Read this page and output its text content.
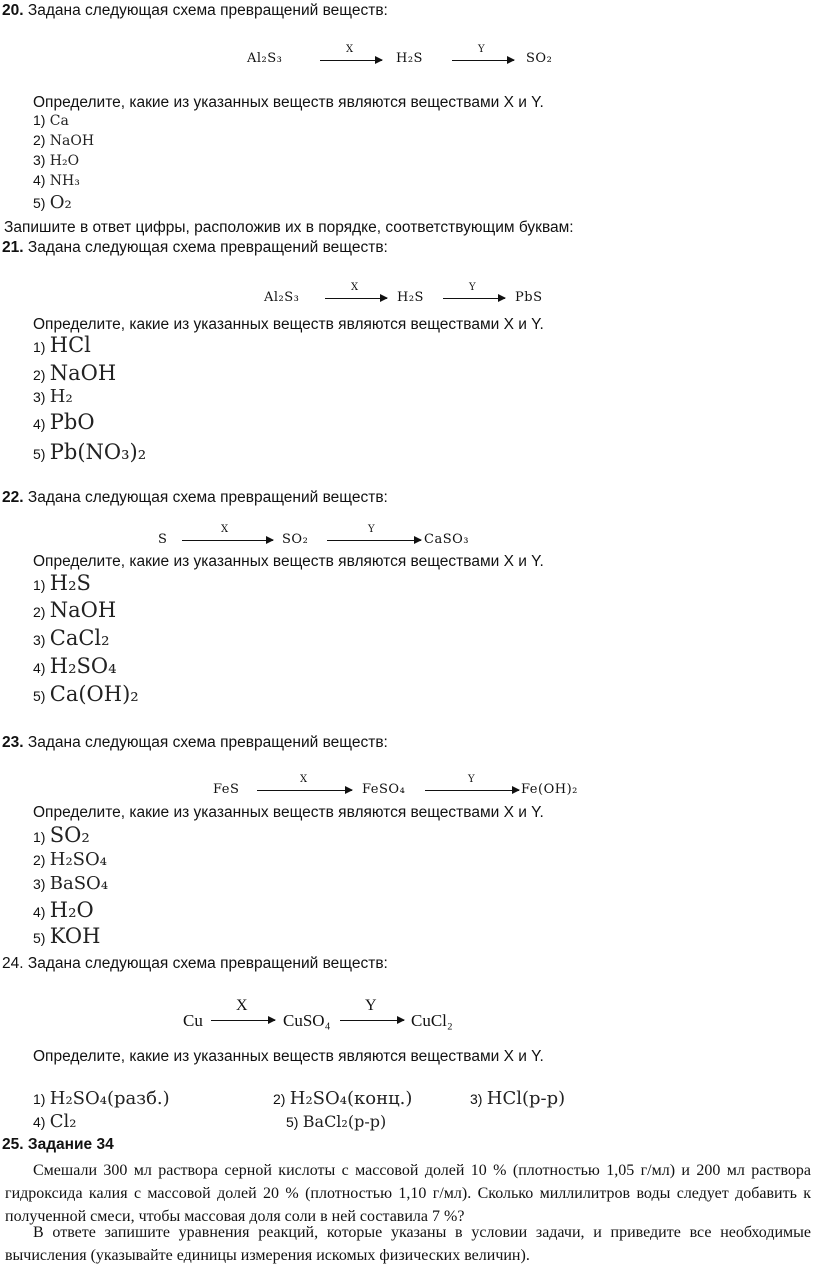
20. Задана следующая схема превращений веществ:
Al₂S₃
X
H₂S
Y
SO₂
Определите, какие из указанных веществ являются веществами X и Y.
1) Ca
2) NaOH
3) H₂O
4) NH₃
5) O₂
Запишите в ответ цифры, расположив их в порядке, соответствующим буквам:
21. Задана следующая схема превращений веществ:
Al₂S₃
X
H₂S
Y
PbS
Определите, какие из указанных веществ являются веществами X и Y.
1) HCl
2) NaOH
3) H₂
4) PbO
5) Pb(NO₃)₂
22. Задана следующая схема превращений веществ:
S
X
SO₂
Y
CaSO₃
Определите, какие из указанных веществ являются веществами X и Y.
1) H₂S
2) NaOH
3) CaCl₂
4) H₂SO₄
5) Ca(OH)₂
23. Задана следующая схема превращений веществ:
FeS
X
FeSO₄
Y
Fe(OH)₂
Определите, какие из указанных веществ являются веществами X и Y.
1) SO₂
2) H₂SO₄
3) BaSO₄
4) H₂O
5) KOH
24. Задана следующая схема превращений веществ:
Cu
X
CuSO₄
Y
CuCl₂
Определите, какие из указанных веществ являются веществами X и Y.
1) H₂SO₄(разб.)	2) H₂SO₄(конц.)	3) HCl(р-р)
4) Cl₂	5) BaCl₂(р-р)
25. Задание 34
Смешали 300 мл раствора серной кислоты с массовой долей 10 % (плотностью 1,05 г/мл) и 200 мл раствора гидроксида калия с массовой долей 20 % (плотностью 1,10 г/мл). Сколько миллилитров воды следует добавить к полученной смеси, чтобы массовая доля соли в ней составила 7 %?
В ответе запишите уравнения реакций, которые указаны в условии задачи, и приведите все необходимые вычисления (указывайте единицы измерения искомых физических величин).
